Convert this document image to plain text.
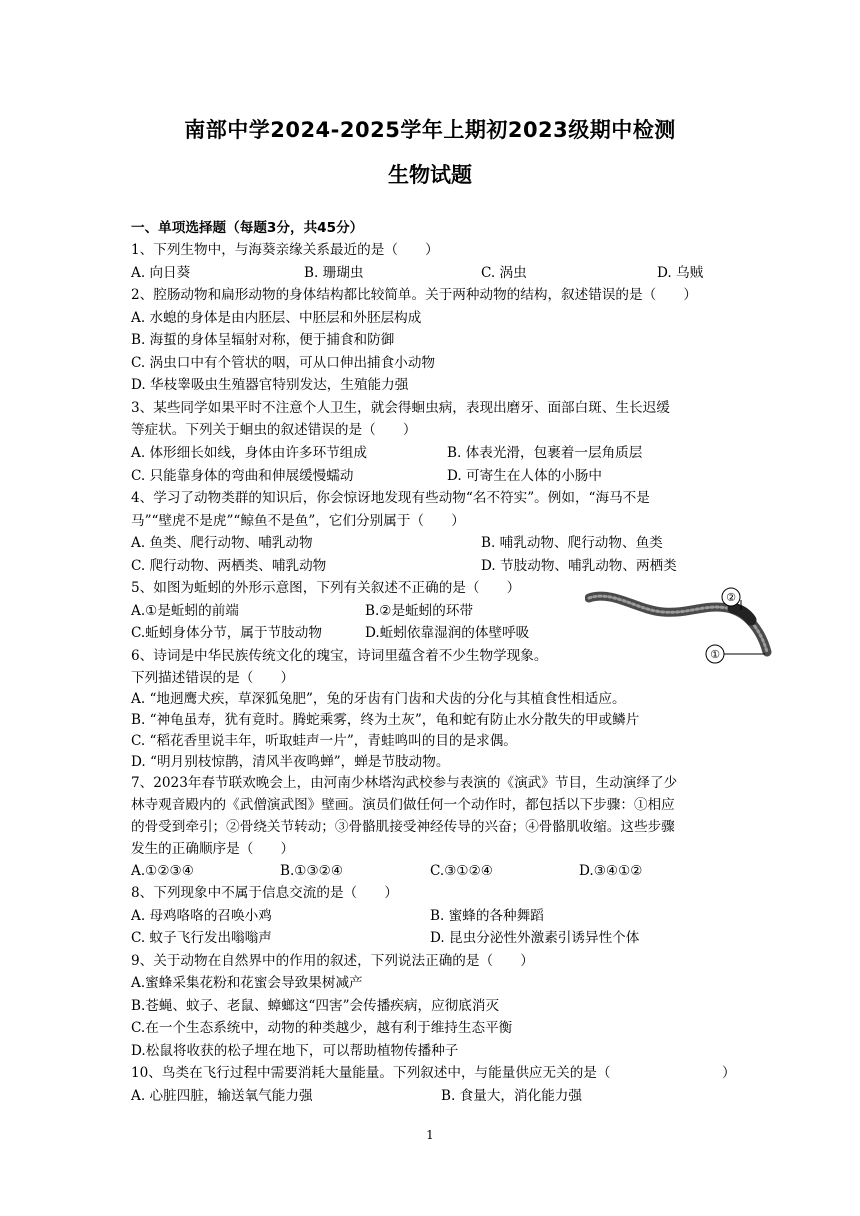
南部中学2024-2025学年上期初2023级期中检测
生物试题
一、单项选择题（每题3分，共45分）
1、下列生物中，与海葵亲缘关系最近的是（　　）
A. 向日葵	B. 珊瑚虫	C. 涡虫	D. 乌贼
2、腔肠动物和扁形动物的身体结构都比较简单。关于两种动物的结构，叙述错误的是（　　）
A. 水螅的身体是由内胚层、中胚层和外胚层构成
B. 海蜇的身体呈辐射对称，便于捕食和防御
C. 涡虫口中有个管状的咽，可从口伸出捕食小动物
D. 华枝睾吸虫生殖器官特别发达，生殖能力强
3、某些同学如果平时不注意个人卫生，就会得蛔虫病，表现出磨牙、面部白斑、生长迟缓
等症状。下列关于蛔虫的叙述错误的是（　　）
A. 体形细长如线，身体由许多环节组成	B. 体表光滑，包裹着一层角质层
C. 只能靠身体的弯曲和伸展缓慢蠕动	D. 可寄生在人体的小肠中
4、学习了动物类群的知识后，你会惊讶地发现有些动物“名不符实”。例如，“海马不是
马”“壁虎不是虎”“鲸鱼不是鱼”，它们分别属于（　　）
A. 鱼类、爬行动物、哺乳动物	B. 哺乳动物、爬行动物、鱼类
C. 爬行动物、两栖类、哺乳动物	D. 节肢动物、哺乳动物、两栖类
5、如图为蚯蚓的外形示意图，下列有关叙述不正确的是（　　）
A.①是蚯蚓的前端	B.②是蚯蚓的环带
C.蚯蚓身体分节，属于节肢动物	D.蚯蚓依靠湿润的体壁呼吸
②
①
6、诗词是中华民族传统文化的瑰宝，诗词里蕴含着不少生物学现象。
下列描述错误的是（　　）
A. “地迥鹰犬疾，草深狐兔肥”，兔的牙齿有门齿和犬齿的分化与其植食性相适应。
B. “神龟虽寿，犹有竟时。腾蛇乘雾，终为土灰”，龟和蛇有防止水分散失的甲或鳞片
C. “稻花香里说丰年，听取蛙声一片”，青蛙鸣叫的目的是求偶。
D. “明月别枝惊鹊，清风半夜鸣蝉”，蝉是节肢动物。
7、2023年春节联欢晚会上，由河南少林塔沟武校参与表演的《演武》节目，生动演绎了少
林寺观音殿内的《武僧演武图》壁画。演员们做任何一个动作时，都包括以下步骤：①相应
的骨受到牵引；②骨绕关节转动；③骨骼肌接受神经传导的兴奋；④骨骼肌收缩。这些步骤
发生的正确顺序是（　　）
A.①②③④	B.①③②④	C.③①②④	D.③④①②
8、下列现象中不属于信息交流的是（　　）
A. 母鸡咯咯的召唤小鸡	B. 蜜蜂的各种舞蹈
C. 蚊子飞行发出嗡嗡声	D. 昆虫分泌性外激素引诱异性个体
9、关于动物在自然界中的作用的叙述，下列说法正确的是（　　）
A.蜜蜂采集花粉和花蜜会导致果树减产
B.苍蝇、蚊子、老鼠、蟑螂这“四害”会传播疾病，应彻底消灭
C.在一个生态系统中，动物的种类越少，越有利于维持生态平衡
D.松鼠将收获的松子埋在地下，可以帮助植物传播种子
10、鸟类在飞行过程中需要消耗大量能量。下列叙述中，与能量供应无关的是（	）
A. 心脏四脏，输送氧气能力强	B. 食量大，消化能力强
1
